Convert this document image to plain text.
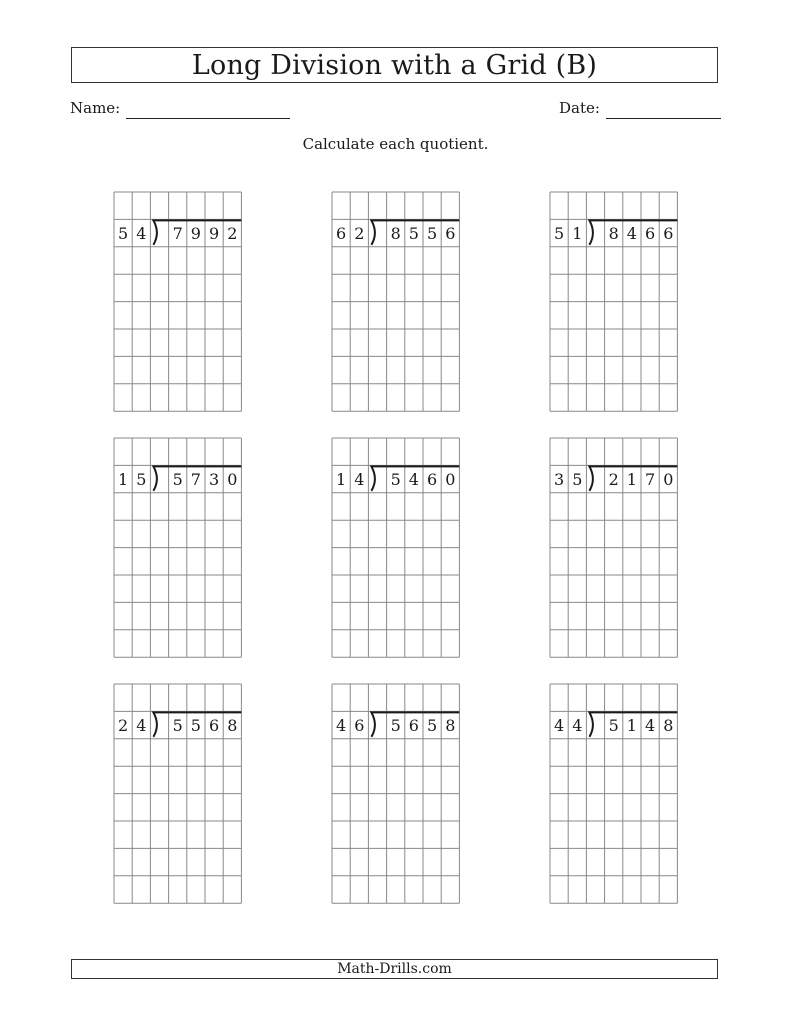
Long Division with a Grid (B)
Name:	Date:
Calculate each quotient.
5 4 7 9 9 2	6 2 8 5 5 6	5 1 8 4 6 6
1 5 5 7 3 0	1 4 5 4 6 0	3 5 2 1 7 0
2 4 5 5 6 8	4 6 5 6 5 8	4 4 5 1 4 8
Math-Drills.com
